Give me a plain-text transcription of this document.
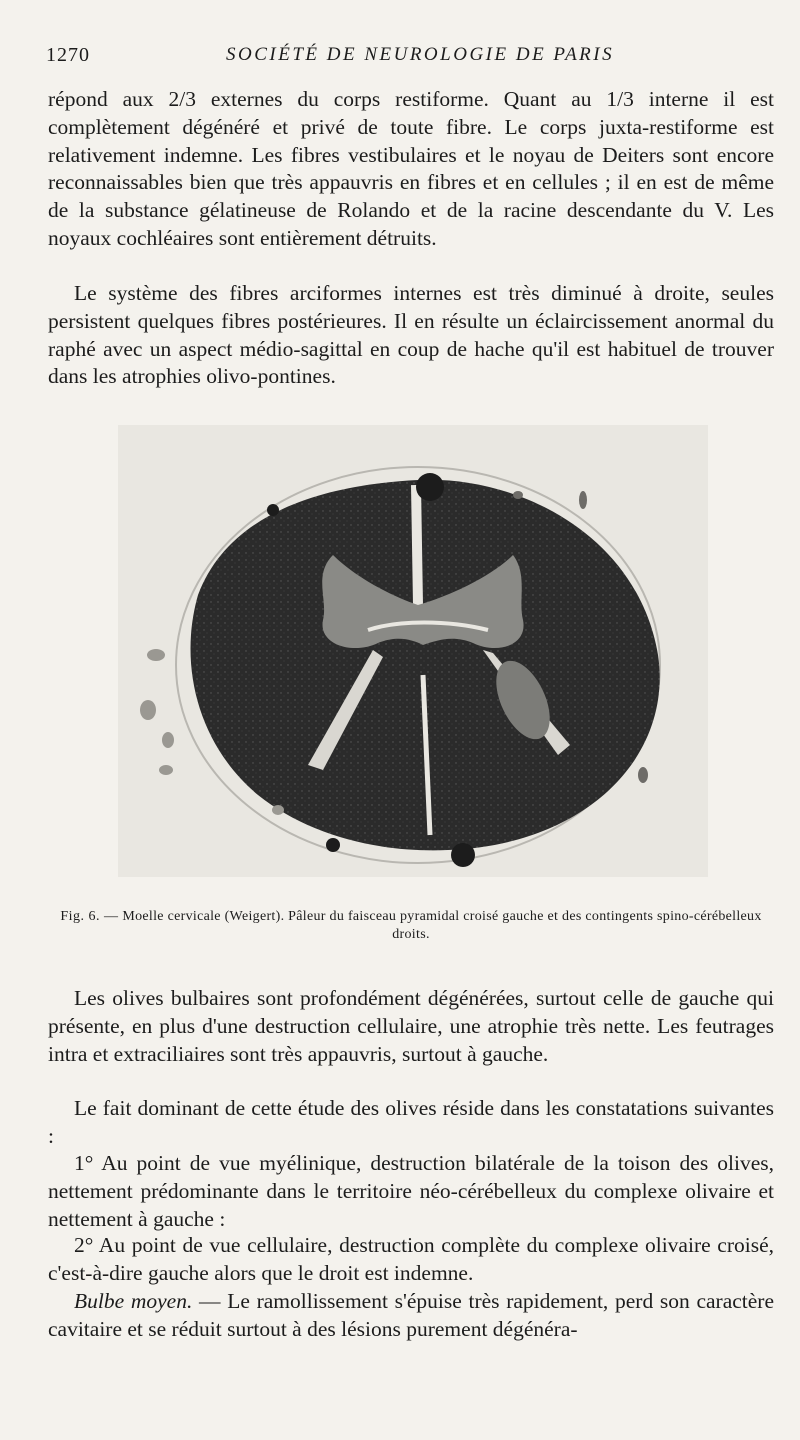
1270	SOCIÉTÉ DE NEUROLOGIE DE PARIS

répond aux 2/3 externes du corps restiforme. Quant au 1/3 interne il est complètement dégénéré et privé de toute fibre. Le corps juxta-restiforme est relativement indemne. Les fibres vestibulaires et le noyau de Deiters sont encore reconnaissables bien que très appauvris en fibres et en cellules ; il en est de même de la substance gélatineuse de Rolando et de la racine descendante du V. Les noyaux cochléaires sont entièrement détruits.

Le système des fibres arciformes internes est très diminué à droite, seules persistent quelques fibres postérieures. Il en résulte un éclaircissement anormal du raphé avec un aspect médio-sagittal en coup de hache qu'il est habituel de trouver dans les atrophies olivo-pontines.

Fig. 6. — Moelle cervicale (Weigert). Pâleur du faisceau pyramidal croisé gauche et des contingents spino-cérébelleux droits.

Les olives bulbaires sont profondément dégénérées, surtout celle de gauche qui présente, en plus d'une destruction cellulaire, une atrophie très nette. Les feutrages intra et extraciliaires sont très appauvris, surtout à gauche.

Le fait dominant de cette étude des olives réside dans les constatations suivantes :

1° Au point de vue myélinique, destruction bilatérale de la toison des olives, nettement prédominante dans le territoire néo-cérébelleux du complexe olivaire et nettement à gauche :

2° Au point de vue cellulaire, destruction complète du complexe olivaire croisé, c'est-à-dire gauche alors que le droit est indemne.

Bulbe moyen. — Le ramollissement s'épuise très rapidement, perd son caractère cavitaire et se réduit surtout à des lésions purement dégénéra-
